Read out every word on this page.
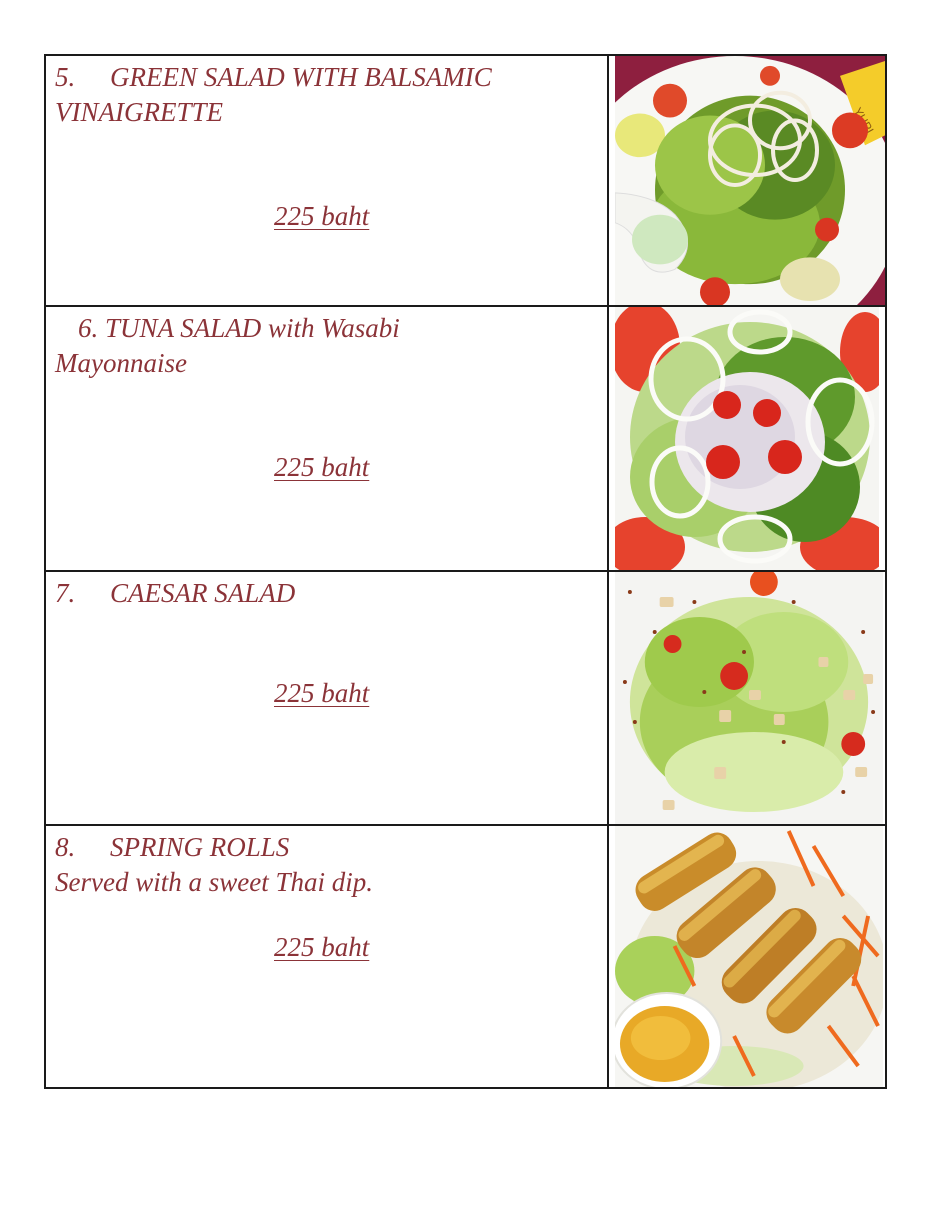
5. GREEN SALAD WITH BALSAMIC
VINAIGRETTE

225 baht

6. TUNA SALAD with Wasabi
Mayonnaise

225 baht

7. CAESAR SALAD

225 baht

8. SPRING ROLLS

Served with a sweet Thai dip.

225 baht
